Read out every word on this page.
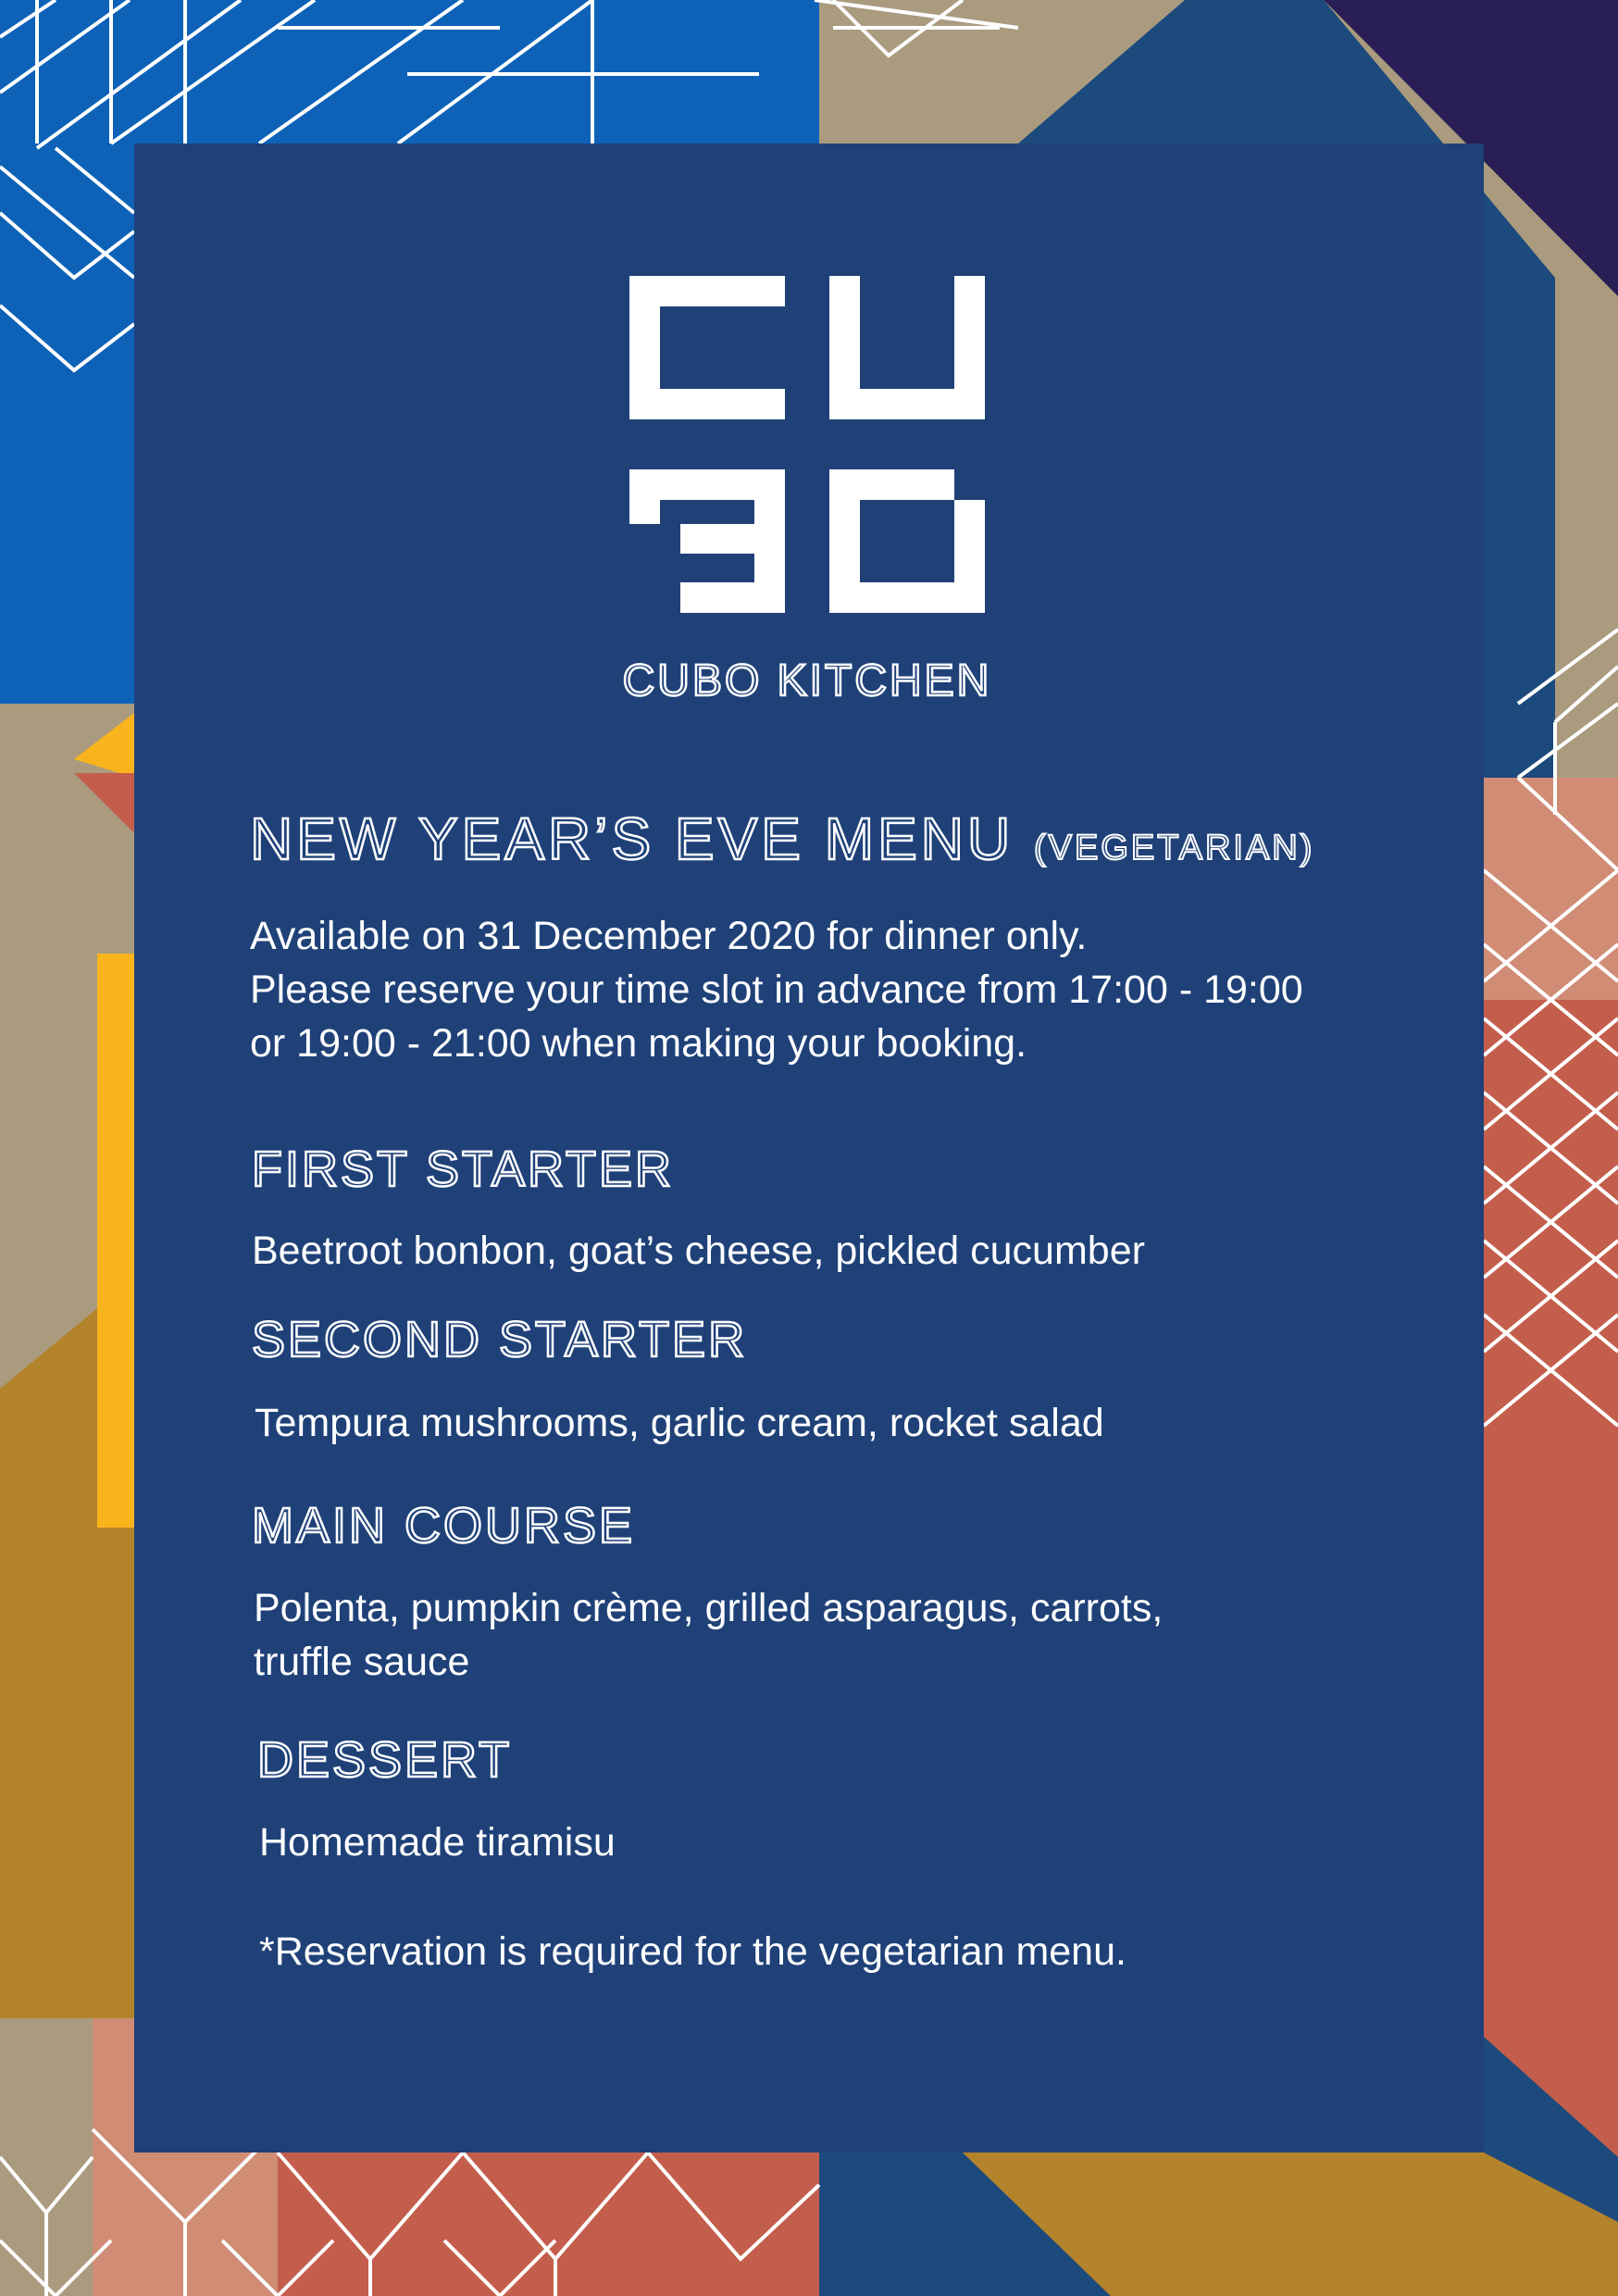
CUBO KITCHEN
NEW YEAR’S EVE MENU (VEGETARIAN)
Available on 31 December 2020 for dinner only.
Please reserve your time slot in advance from 17:00 - 19:00
or 19:00 - 21:00 when making your booking.
FIRST STARTER
Beetroot bonbon, goat’s cheese, pickled cucumber
SECOND STARTER
Tempura mushrooms, garlic cream, rocket salad
MAIN COURSE
Polenta, pumpkin crème, grilled asparagus, carrots,
truffle sauce
DESSERT
Homemade tiramisu
*Reservation is required for the vegetarian menu.
